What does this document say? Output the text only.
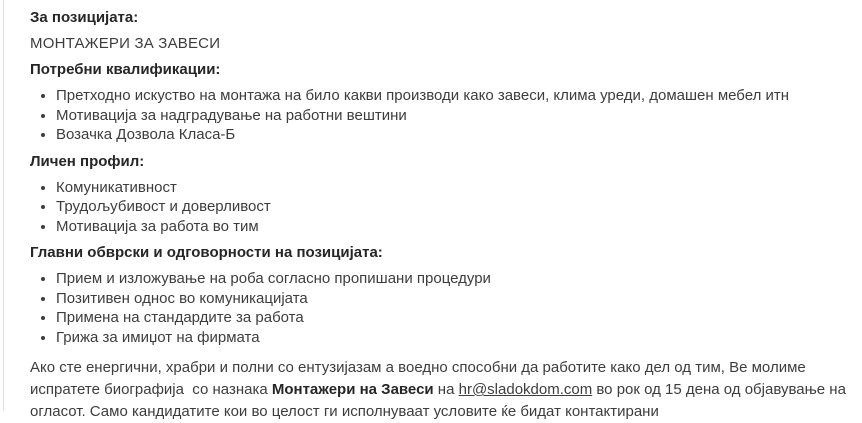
За позицијата:
МОНТАЖЕРИ ЗА ЗАВЕСИ
Потребни квалификации:
• Претходно искуство на монтажа на било какви производи како завеси, клима уреди, домашен мебел итн
• Мотивација за надградување на работни вештини
• Возачка Дозвола Класа-Б
Личен профил:
• Комуникативност
• Трудољубивост и доверливост
• Мотивација за работа во тим
Главни обврски и одговорности на позицијата:
• Прием и изложување на роба согласно пропишани процедури
• Позитивен однос во комуникацијата
• Примена на стандардите за работа
• Грижа за имиџот на фирмата
Ако сте енергични, храбри и полни со ентузијазам а воедно способни да работите како дел од тим, Ве молиме испратете биографија  со назнака Монтажери на Завеси на hr@sladokdom.com во рок од 15 дена од објавување на огласот. Само кандидатите кои во целост ги исполнуваат условите ќе бидат контактирани
